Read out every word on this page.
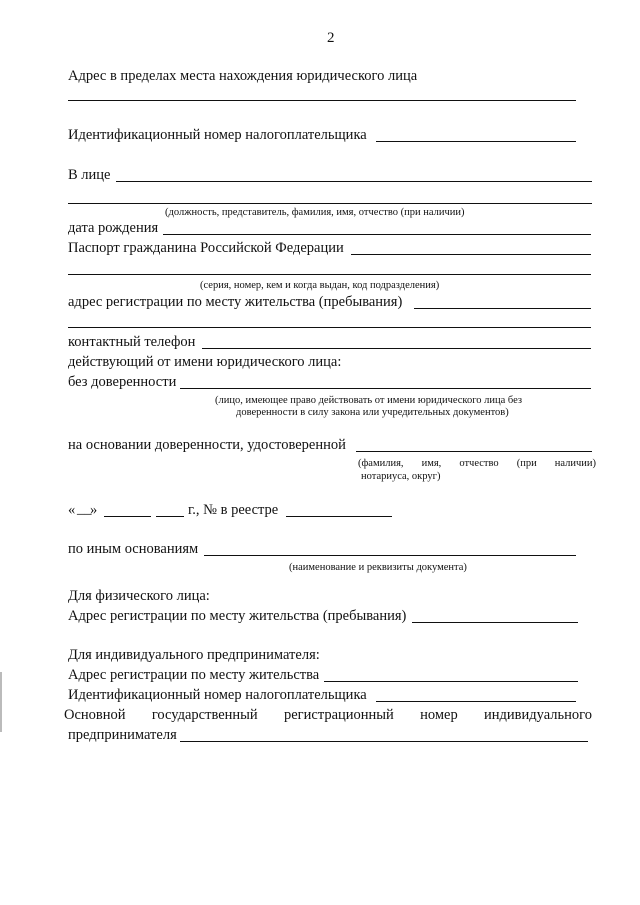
2
Адрес в пределах места нахождения юридического лица
Идентификационный номер налогоплательщика
В лице
(должность, представитель, фамилия, имя, отчество (при наличии)
дата рождения
Паспорт гражданина Российской Федерации
(серия, номер, кем и когда выдан, код подразделения)
адрес регистрации по месту жительства (пребывания)
контактный телефон
действующий от имени юридического лица:
без доверенности
(лицо, имеющее право действовать от имени юридического лица без
доверенности в силу закона или учредительных документов)
на основании доверенности, удостоверенной
(фамилия, имя, отчество (при наличии)
нотариуса, округ)
« __
»	г., № в реестре
по иным основаниям
(наименование и реквизиты документа)
Для физического лица:
Адрес регистрации по месту жительства (пребывания)
Для индивидуального предпринимателя:
Адрес регистрации по месту жительства
Идентификационный номер налогоплательщика
Основной государственный регистрационный номер индивидуального
предпринимателя
